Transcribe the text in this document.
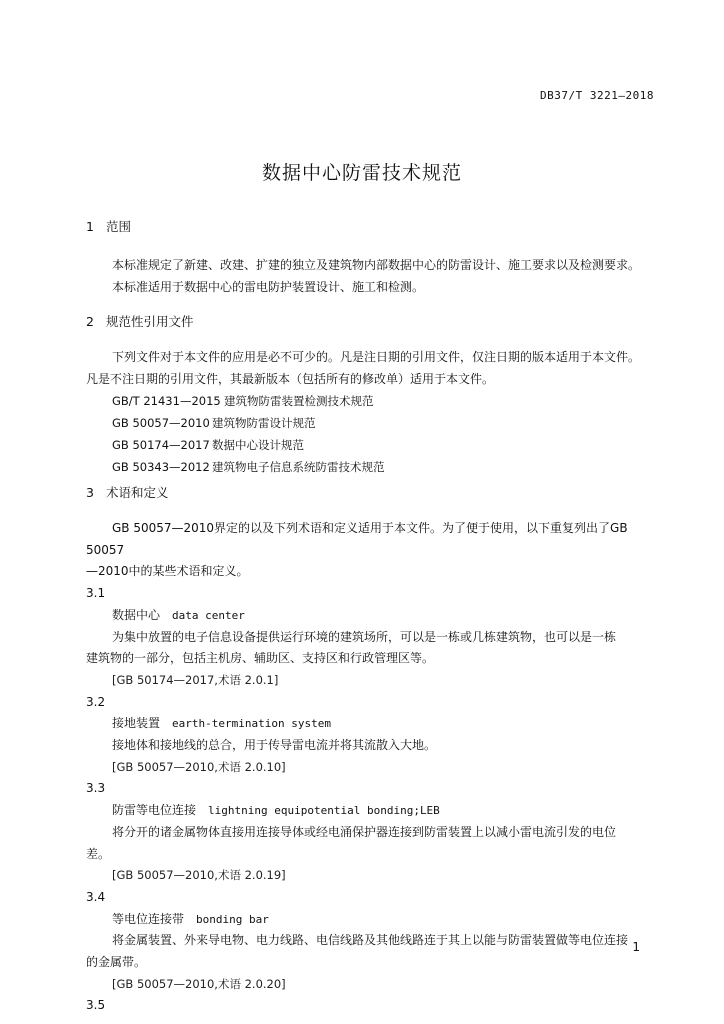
DB37/T 3221—2018
数据中心防雷技术规范
1 范围
本标准规定了新建、改建、扩建的独立及建筑物内部数据中心的防雷设计、施工要求以及检测要求。
本标准适用于数据中心的雷电防护装置设计、施工和检测。
2 规范性引用文件
下列文件对于本文件的应用是必不可少的。凡是注日期的引用文件，仅注日期的版本适用于本文件。
凡是不注日期的引用文件，其最新版本（包括所有的修改单）适用于本文件。
GB/T 21431—2015 建筑物防雷装置检测技术规范
GB 50057—2010 建筑物防雷设计规范
GB 50174—2017 数据中心设计规范
GB 50343—2012 建筑物电子信息系统防雷技术规范
3 术语和定义
GB 50057—2010界定的以及下列术语和定义适用于本文件。为了便于使用，以下重复列出了GB 50057
—2010中的某些术语和定义。
3.1
数据中心 data center
为集中放置的电子信息设备提供运行环境的建筑场所，可以是一栋或几栋建筑物，也可以是一栋
建筑物的一部分，包括主机房、辅助区、支持区和行政管理区等。
[GB 50174—2017,术语 2.0.1]
3.2
接地装置 earth-termination system
接地体和接地线的总合，用于传导雷电流并将其流散入大地。
[GB 50057—2010,术语 2.0.10]
3.3
防雷等电位连接 lightning equipotential bonding;LEB
将分开的诸金属物体直接用连接导体或经电涌保护器连接到防雷装置上以减小雷电流引发的电位
差。
[GB 50057—2010,术语 2.0.19]
3.4
等电位连接带 bonding bar
将金属装置、外来导电物、电力线路、电信线路及其他线路连于其上以能与防雷装置做等电位连接
的金属带。
[GB 50057—2010,术语 2.0.20]
3.5
1
